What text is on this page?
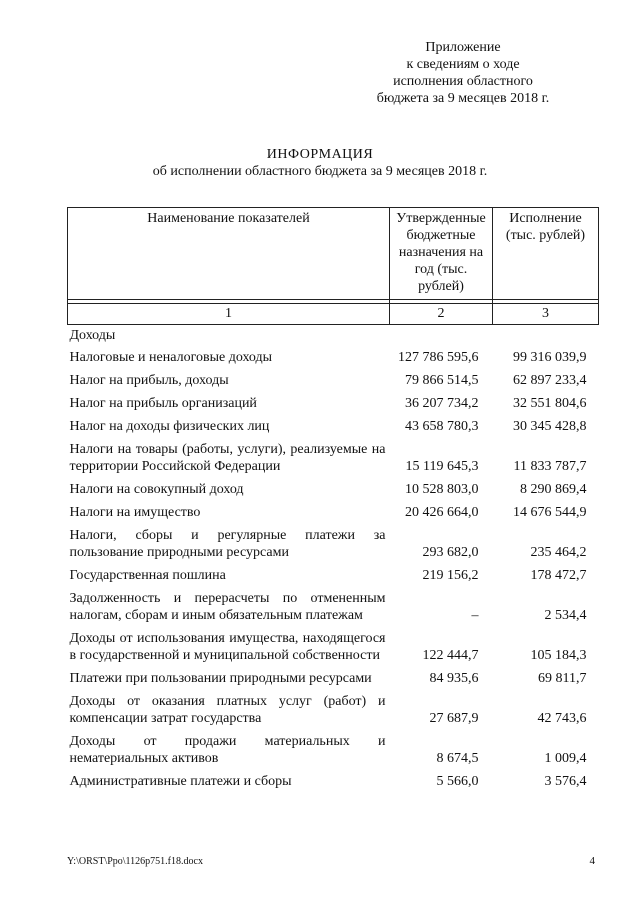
Приложение
к сведениям о ходе
исполнения областного
бюджета за 9 месяцев 2018 г.
ИНФОРМАЦИЯ
об исполнении областного бюджета за 9 месяцев 2018 г.
Наименование показателей	Утвержденные бюджетные назначения на год (тыс. рублей)	Исполнение (тыс. рублей)

1	2	3
Доходы		
Налоговые и неналоговые доходы	127 786 595,6	99 316 039,9
Налог на прибыль, доходы	79 866 514,5	62 897 233,4
Налог на прибыль организаций	36 207 734,2	32 551 804,6
Налог на доходы физических лиц	43 658 780,3	30 345 428,8
Налоги на товары (работы, услуги), реализуемые на территории Российской Федерации	15 119 645,3	11 833 787,7
Налоги на совокупный доход	10 528 803,0	8 290 869,4
Налоги на имущество	20 426 664,0	14 676 544,9
Налоги, сборы и регулярные платежи за пользование природными ресурсами	293 682,0	235 464,2
Государственная пошлина	219 156,2	178 472,7
Задолженность и перерасчеты по отмененным налогам, сборам и иным обязательным платежам	–	2 534,4
Доходы от использования имущества, находящегося в государственной и муниципальной собственности	122 444,7	105 184,3
Платежи при пользовании природными ресурсами	84 935,6	69 811,7
Доходы от оказания платных услуг (работ) и компенсации затрат государства	27 687,9	42 743,6
Доходы от продажи материальных и нематериальных активов	8 674,5	1 009,4
Административные платежи и сборы	5 566,0	3 576,4
Y:\ORST\Ppo\1126p751.f18.docx	4
